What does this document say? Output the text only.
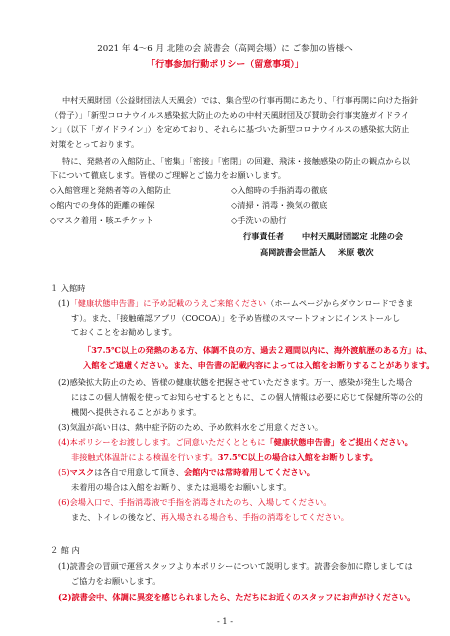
2021 年 4〜6 月 北陸の会 読書会（高岡会場）に ご参加の皆様へ
「行事参加行動ポリシー（留意事項）」
中村天風財団（公益財団法人天風会）では、集合型の行事再開にあたり、「行事再開に向けた指針
（骨子）」「新型コロナウイルス感染拡大防止のための中村天風財団及び賛助会行事実施ガイドライ
ン」（以下「ガイドライン」）を定めており、それらに基づいた新型コロナウイルスの感染拡大防止
対策をとっております。
特に、発熱者の入館防止、「密集」「密接」「密閉」の回避、飛沫・接触感染の防止の観点から以
下について徹底します。皆様のご理解とご協力をお願いします。
◇入館管理と発熱者等の入館防止
◇館内での身体的距離の確保
◇マスク着用・咳エチケット
◇入館時の手指消毒の徹底
◇清掃・消毒・換気の徹底
◇手洗いの励行
行事責任者 中村天風財団認定 北陸の会
高岡読書会世話人 米原 敬次
１ 入館時
(1)「健康状態申告書」に予め記載のうえご来館ください（ホームページからダウンロードできま
す）。また、「接触確認アプリ（COCOA）」を予め皆様のスマートフォンにインストールし
ておくことをお勧めします。
「37.5℃以上の発熱のある方、体調不良の方、過去２週間以内に、海外渡航歴のある方」は、
入館をご遠慮ください。また、申告書の記載内容によっては入館をお断りすることがあります。
(2)感染拡大防止のため、皆様の健康状態を把握させていただきます。万一、感染が発生した場合
にはこの個人情報を使ってお知らせするとともに、この個人情報は必要に応じて保健所等の公的
機関へ提供されることがあります。
(3)気温が高い日は、熱中症予防のため、予め飲料水をご用意ください。
(4)本ポリシーをお渡しします。ご同意いただくとともに「健康状態申告書」をご提出ください。
非接触式体温計による検温を行います。37.5℃以上の場合は入館をお断りします。
(5)マスクは各自で用意して頂き、会館内では常時着用してください。
未着用の場合は入館をお断り、または退場をお願いします。
(6)会場入口で、手指消毒液で手指を消毒されたのち、入場してください。
また、トイレの後など、再入場される場合も、手指の消毒をしてください。
２ 館 内
(1)読書会の冒頭で運営スタッフより本ポリシーについて説明します。読書会参加に際しましては
ご協力をお願いします。
(2)読書会中、体調に異変を感じられましたら、ただちにお近くのスタッフにお声がけください。
- 1 -
